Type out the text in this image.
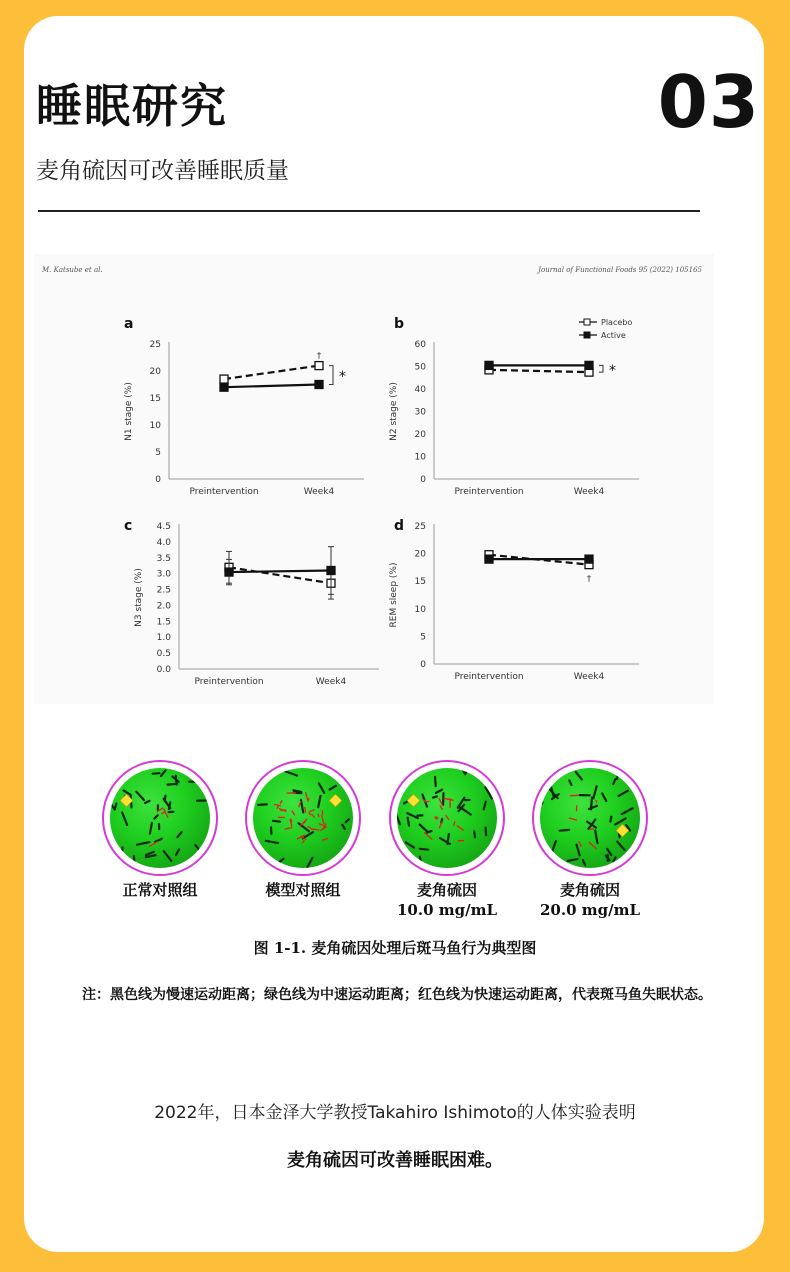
睡眠研究	03
麦角硫因可改善睡眠质量
M. Katsube et al.	Journal of Functional Foods 95 (2022) 105165
a
0
5
10
15
20
25
N1 stage (%)
Preintervention	Week4
†
*
b
0
10
20
30
40
50
60
N2 stage (%)
Preintervention	Week4
*
Placebo
Active
c
0.0
0.5
1.0
1.5
2.0
2.5
3.0
3.5
4.0
4.5
N3 stage (%)
Preintervention	Week4
d
0
5
10
15
20
25
REM sleep (%)
Preintervention	Week4
†
正常对照组	模型对照组	麦角硫因
10.0 mg/mL
麦角硫因
20.0 mg/mL
图 1-1. 麦角硫因处理后斑马鱼行为典型图
注：黑色线为慢速运动距离；绿色线为中速运动距离；红色线为快速运动距离，代表斑马鱼失眠状态。
2022年，日本金泽大学教授Takahiro Ishimoto的人体实验表明
麦角硫因可改善睡眠困难。
